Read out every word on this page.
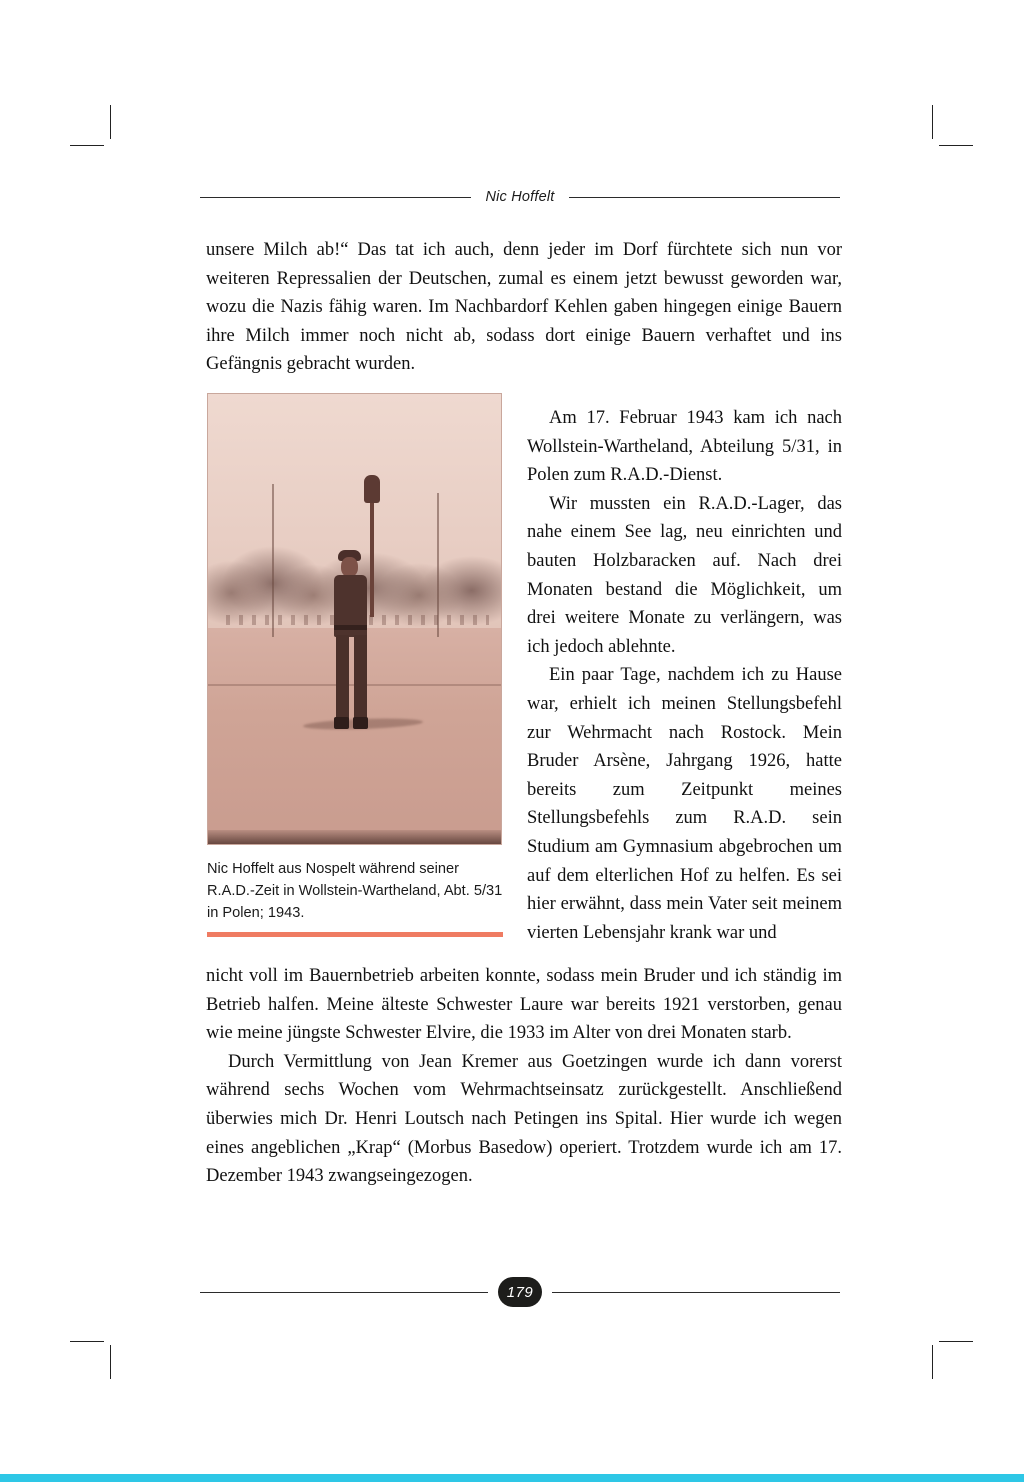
Nic Hoffelt
unsere Milch ab!“ Das tat ich auch, denn jeder im Dorf fürchtete sich nun vor weiteren Repressalien der Deutschen, zumal es einem jetzt bewusst geworden war, wozu die Nazis fähig waren. Im Nachbardorf Kehlen gaben hingegen einige Bauern ihre Milch immer noch nicht ab, sodass dort einige Bauern verhaftet und ins Gefängnis gebracht wurden.
Nic Hoffelt aus Nospelt während seiner R.A.D.-Zeit in Wollstein-Wartheland, Abt. 5/31 in Polen; 1943.

Am 17. Februar 1943 kam ich nach Wollstein-Wartheland, Abteilung 5/31, in Polen zum R.A.D.-Dienst.

Wir mussten ein R.A.D.-Lager, das nahe einem See lag, neu einrichten und bauten Holzbaracken auf. Nach drei Monaten bestand die Möglichkeit, um drei weitere Monate zu verlängern, was ich jedoch ablehnte.

Ein paar Tage, nachdem ich zu Hause war, erhielt ich meinen Stellungsbefehl zur Wehrmacht nach Rostock. Mein Bruder Arsène, Jahrgang 1926, hatte bereits zum Zeitpunkt meines Stellungsbefehls zum R.A.D. sein Studium am Gymnasium abgebrochen um auf dem elterlichen Hof zu helfen. Es sei hier erwähnt, dass mein Vater seit meinem vierten Lebensjahr krank war und

nicht voll im Bauernbetrieb arbeiten konnte, sodass mein Bruder und ich ständig im Betrieb halfen. Meine älteste Schwester Laure war bereits 1921 verstorben, genau wie meine jüngste Schwester Elvire, die 1933 im Alter von drei Monaten starb.

Durch Vermittlung von Jean Kremer aus Goetzingen wurde ich dann vorerst während sechs Wochen vom Wehrmachtseinsatz zurückgestellt. Anschließend überwies mich Dr. Henri Loutsch nach Petingen ins Spital. Hier wurde ich wegen eines angeblichen „Krap“ (Morbus Basedow) operiert. Trotzdem wurde ich am 17. Dezember 1943 zwangseingezogen.

179
